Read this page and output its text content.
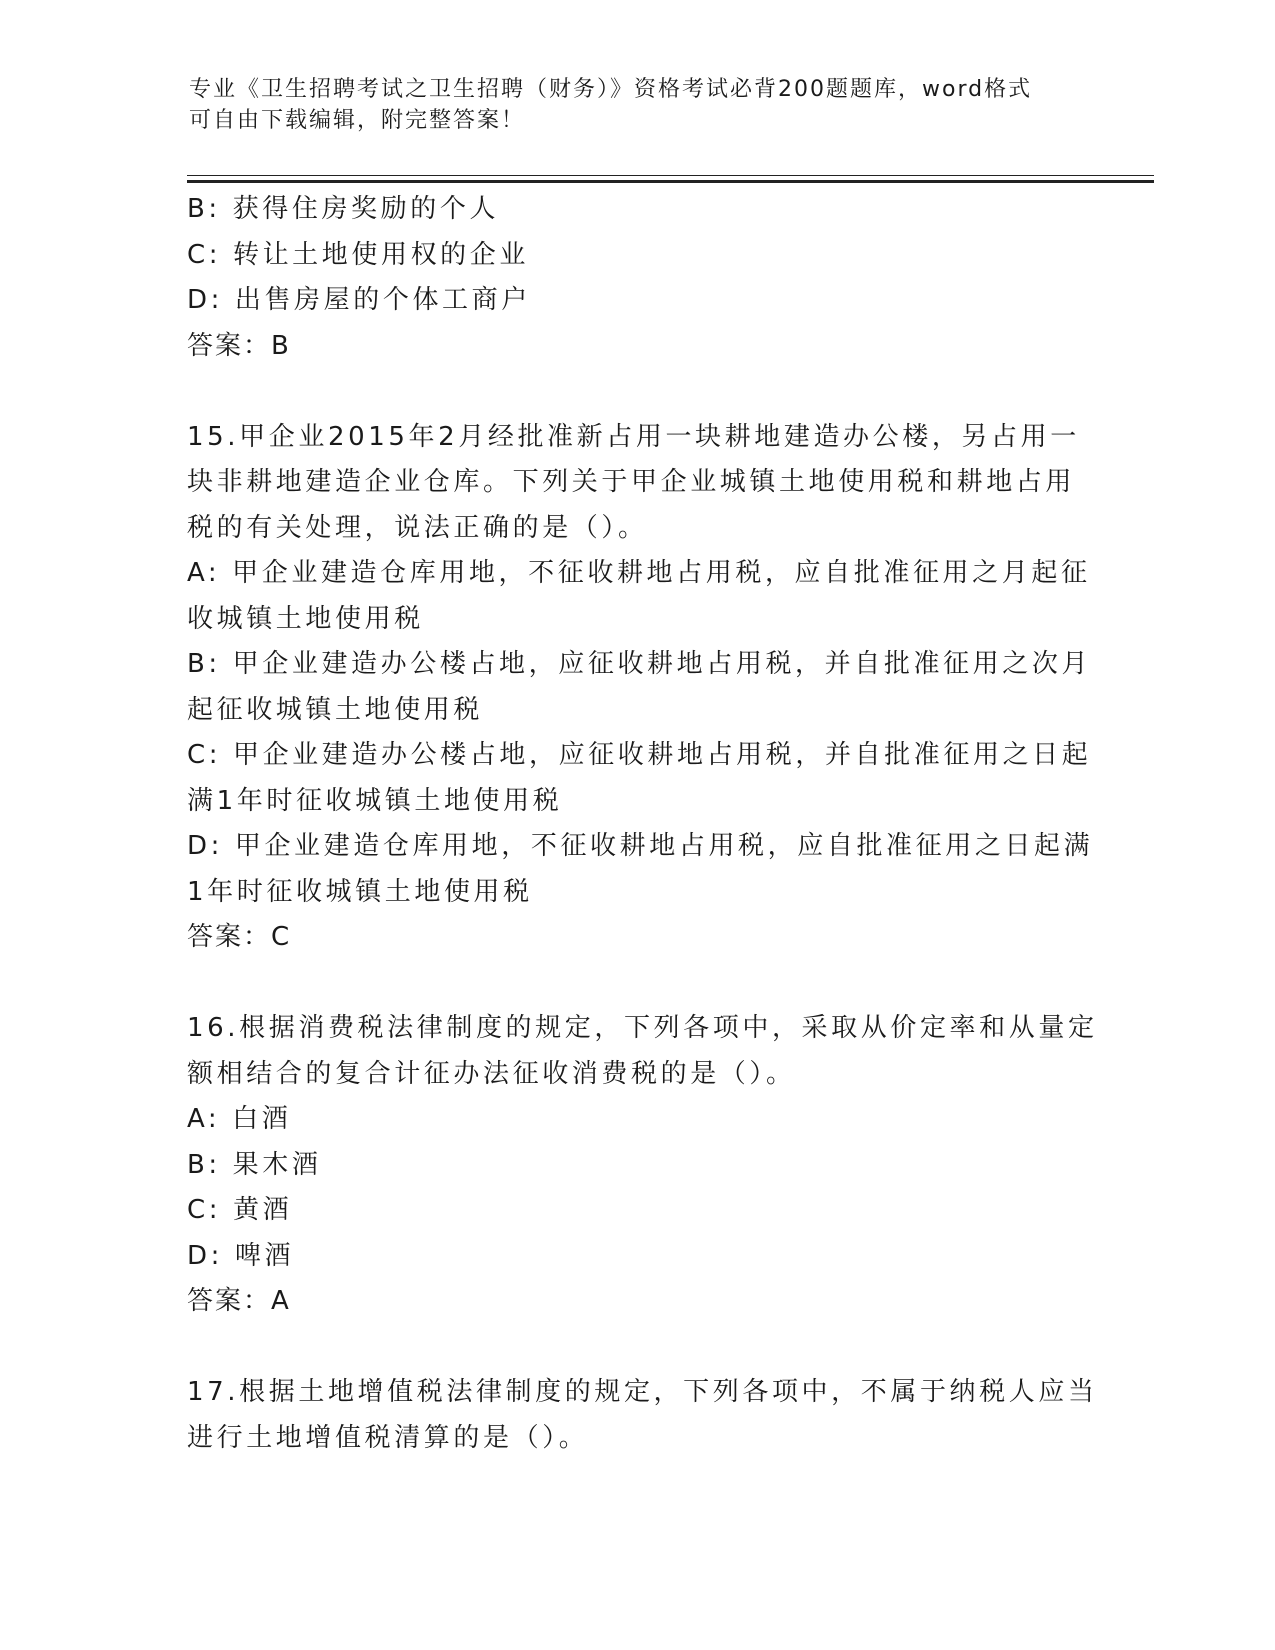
专业《卫生招聘考试之卫生招聘（财务）》资格考试必背200题题库，word格式
可自由下载编辑，附完整答案！
B: 获得住房奖励的个人
C: 转让土地使用权的企业
D: 出售房屋的个体工商户
答案：B
15.甲企业2015年2月经批准新占用一块耕地建造办公楼，另占用一
块非耕地建造企业仓库。下列关于甲企业城镇土地使用税和耕地占用
税的有关处理，说法正确的是（）。
A: 甲企业建造仓库用地，不征收耕地占用税，应自批准征用之月起征
收城镇土地使用税
B: 甲企业建造办公楼占地，应征收耕地占用税，并自批准征用之次月
起征收城镇土地使用税
C: 甲企业建造办公楼占地，应征收耕地占用税，并自批准征用之日起
满1年时征收城镇土地使用税
D: 甲企业建造仓库用地，不征收耕地占用税，应自批准征用之日起满
1年时征收城镇土地使用税
答案：C
16.根据消费税法律制度的规定，下列各项中，采取从价定率和从量定
额相结合的复合计征办法征收消费税的是（）。
A: 白酒
B: 果木酒
C: 黄酒
D: 啤酒
答案：A
17.根据土地增值税法律制度的规定，下列各项中，不属于纳税人应当
进行土地增值税清算的是（）。
